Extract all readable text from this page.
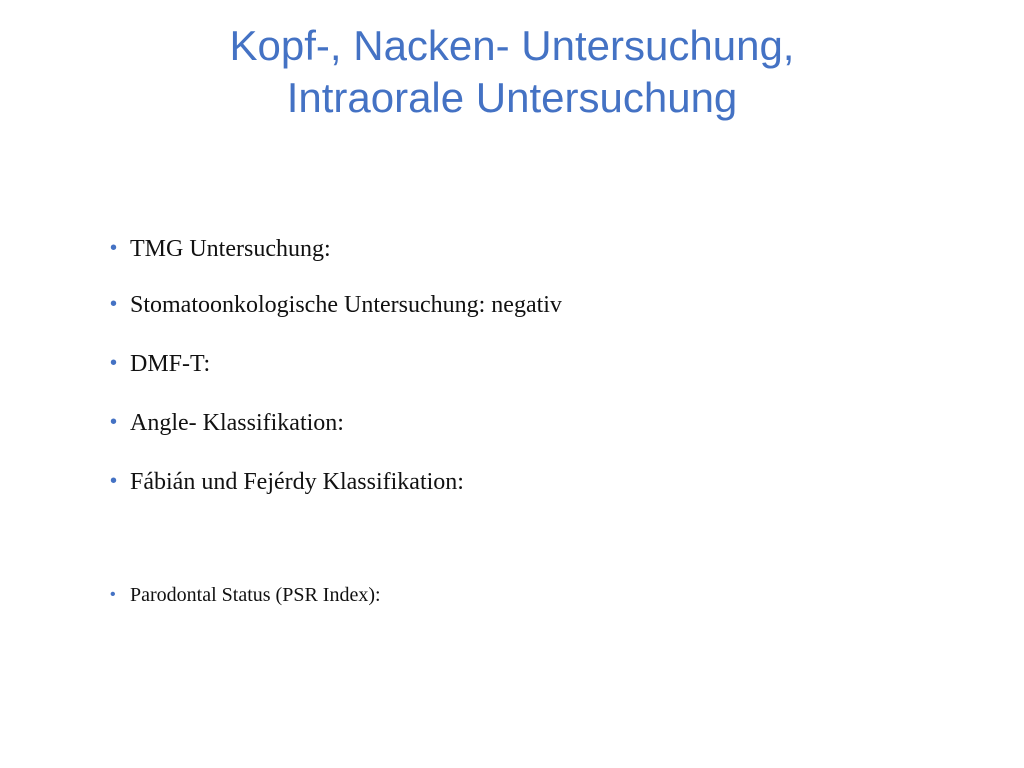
Kopf-, Nacken- Untersuchung,
Intraorale Untersuchung
• TMG Untersuchung:
• Stomatoonkologische Untersuchung: negativ
• DMF-T:
• Angle- Klassifikation:
• Fábián und Fejérdy Klassifikation:
• Parodontal Status (PSR Index):
